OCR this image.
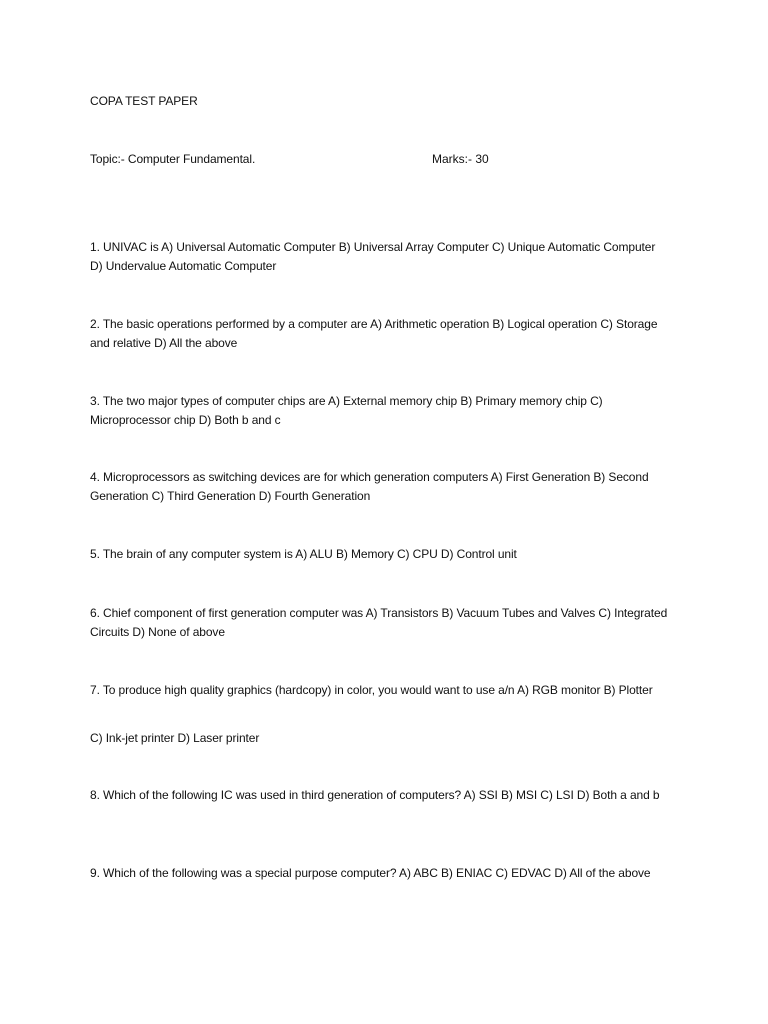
COPA TEST PAPER
Topic:- Computer Fundamental.	Marks:- 30
1. UNIVAC is A) Universal Automatic Computer B) Universal Array Computer C) Unique Automatic Computer D) Undervalue Automatic Computer
2. The basic operations performed by a computer are A) Arithmetic operation B) Logical operation C) Storage and relative D) All the above
3. The two major types of computer chips are A) External memory chip B) Primary memory chip C) Microprocessor chip D) Both b and c
4. Microprocessors as switching devices are for which generation computers A) First Generation B) Second Generation C) Third Generation D) Fourth Generation
5. The brain of any computer system is A) ALU B) Memory C) CPU D) Control unit
6. Chief component of first generation computer was A) Transistors B) Vacuum Tubes and Valves C) Integrated Circuits D) None of above
7. To produce high quality graphics (hardcopy) in color, you would want to use a/n A) RGB monitor B) Plotter
C) Ink-jet printer D) Laser printer
8. Which of the following IC was used in third generation of computers? A) SSI B) MSI C) LSI D) Both a and b
9. Which of the following was a special purpose computer? A) ABC B) ENIAC C) EDVAC D) All of the above
